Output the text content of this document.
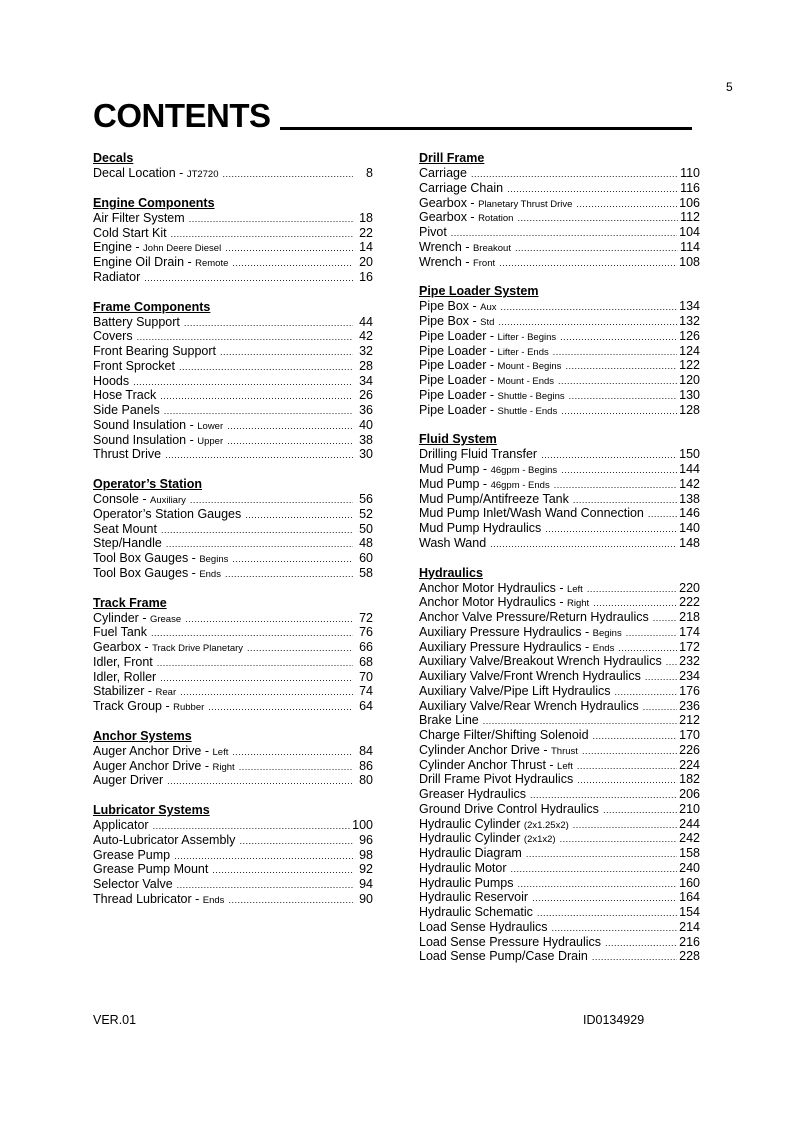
5
CONTENTS
Decals
Decal Location - JT2720 .....	8
Engine Components
Air Filter System .....	18
Cold Start Kit .....	22
Engine - John Deere Diesel .....	14
Engine Oil Drain - Remote .....	20
Radiator .....	16
Frame Components
Battery Support .....	44
Covers .....	42
Front Bearing Support .....	32
Front Sprocket .....	28
Hoods .....	34
Hose Track .....	26
Side Panels .....	36
Sound Insulation - Lower .....	40
Sound Insulation - Upper .....	38
Thrust Drive .....	30
Operator’s Station
Console - Auxiliary .....	56
Operator’s Station Gauges .....	52
Seat Mount .....	50
Step/Handle .....	48
Tool Box Gauges - Begins .....	60
Tool Box Gauges - Ends .....	58
Track Frame
Cylinder - Grease .....	72
Fuel Tank .....	76
Gearbox - Track Drive Planetary .....	66
Idler, Front .....	68
Idler, Roller .....	70
Stabilizer - Rear .....	74
Track Group - Rubber .....	64
Anchor Systems
Auger Anchor Drive - Left .....	84
Auger Anchor Drive - Right .....	86
Auger Driver .....	80
Lubricator Systems
Applicator .....	100
Auto-Lubricator Assembly .....	96
Grease Pump .....	98
Grease Pump Mount .....	92
Selector Valve .....	94
Thread Lubricator - Ends .....	90
Drill Frame
Carriage .....	110
Carriage Chain .....	116
Gearbox - Planetary Thrust Drive .....	106
Gearbox - Rotation .....	112
Pivot .....	104
Wrench - Breakout .....	114
Wrench - Front .....	108
Pipe Loader System
Pipe Box - Aux .....	134
Pipe Box - Std .....	132
Pipe Loader - Lifter - Begins .....	126
Pipe Loader - Lifter - Ends .....	124
Pipe Loader - Mount - Begins .....	122
Pipe Loader - Mount - Ends .....	120
Pipe Loader - Shuttle - Begins .....	130
Pipe Loader - Shuttle - Ends .....	128
Fluid System
Drilling Fluid Transfer .....	150
Mud Pump - 46gpm - Begins .....	144
Mud Pump - 46gpm - Ends .....	142
Mud Pump/Antifreeze Tank .....	138
Mud Pump Inlet/Wash Wand Connection .....	146
Mud Pump Hydraulics .....	140
Wash Wand .....	148
Hydraulics
Anchor Motor Hydraulics - Left .....	220
Anchor Motor Hydraulics - Right .....	222
Anchor Valve Pressure/Return Hydraulics ..... 218
Auxiliary Pressure Hydraulics - Begins .....	174
Auxiliary Pressure Hydraulics - Ends .....	172
Auxiliary Valve/Breakout Wrench Hydraulics ..... 232
Auxiliary Valve/Front Wrench Hydraulics .....	234
Auxiliary Valve/Pipe Lift Hydraulics .....	176
Auxiliary Valve/Rear Wrench Hydraulics .....	236
Brake Line .....	212
Charge Filter/Shifting Solenoid .....	170
Cylinder Anchor Drive - Thrust .....	226
Cylinder Anchor Thrust - Left .....	224
Drill Frame Pivot Hydraulics .....	182
Greaser Hydraulics .....	206
Ground Drive Control Hydraulics .....	210
Hydraulic Cylinder (2x1.25x2) .....	244
Hydraulic Cylinder (2x1x2) .....	242
Hydraulic Diagram .....	158
Hydraulic Motor .....	240
Hydraulic Pumps .....	160
Hydraulic Reservoir .....	164
Hydraulic Schematic .....	154
Load Sense Hydraulics .....	214
Load Sense Pressure Hydraulics .....	216
Load Sense Pump/Case Drain .....	228
VER.01	ID0134929
